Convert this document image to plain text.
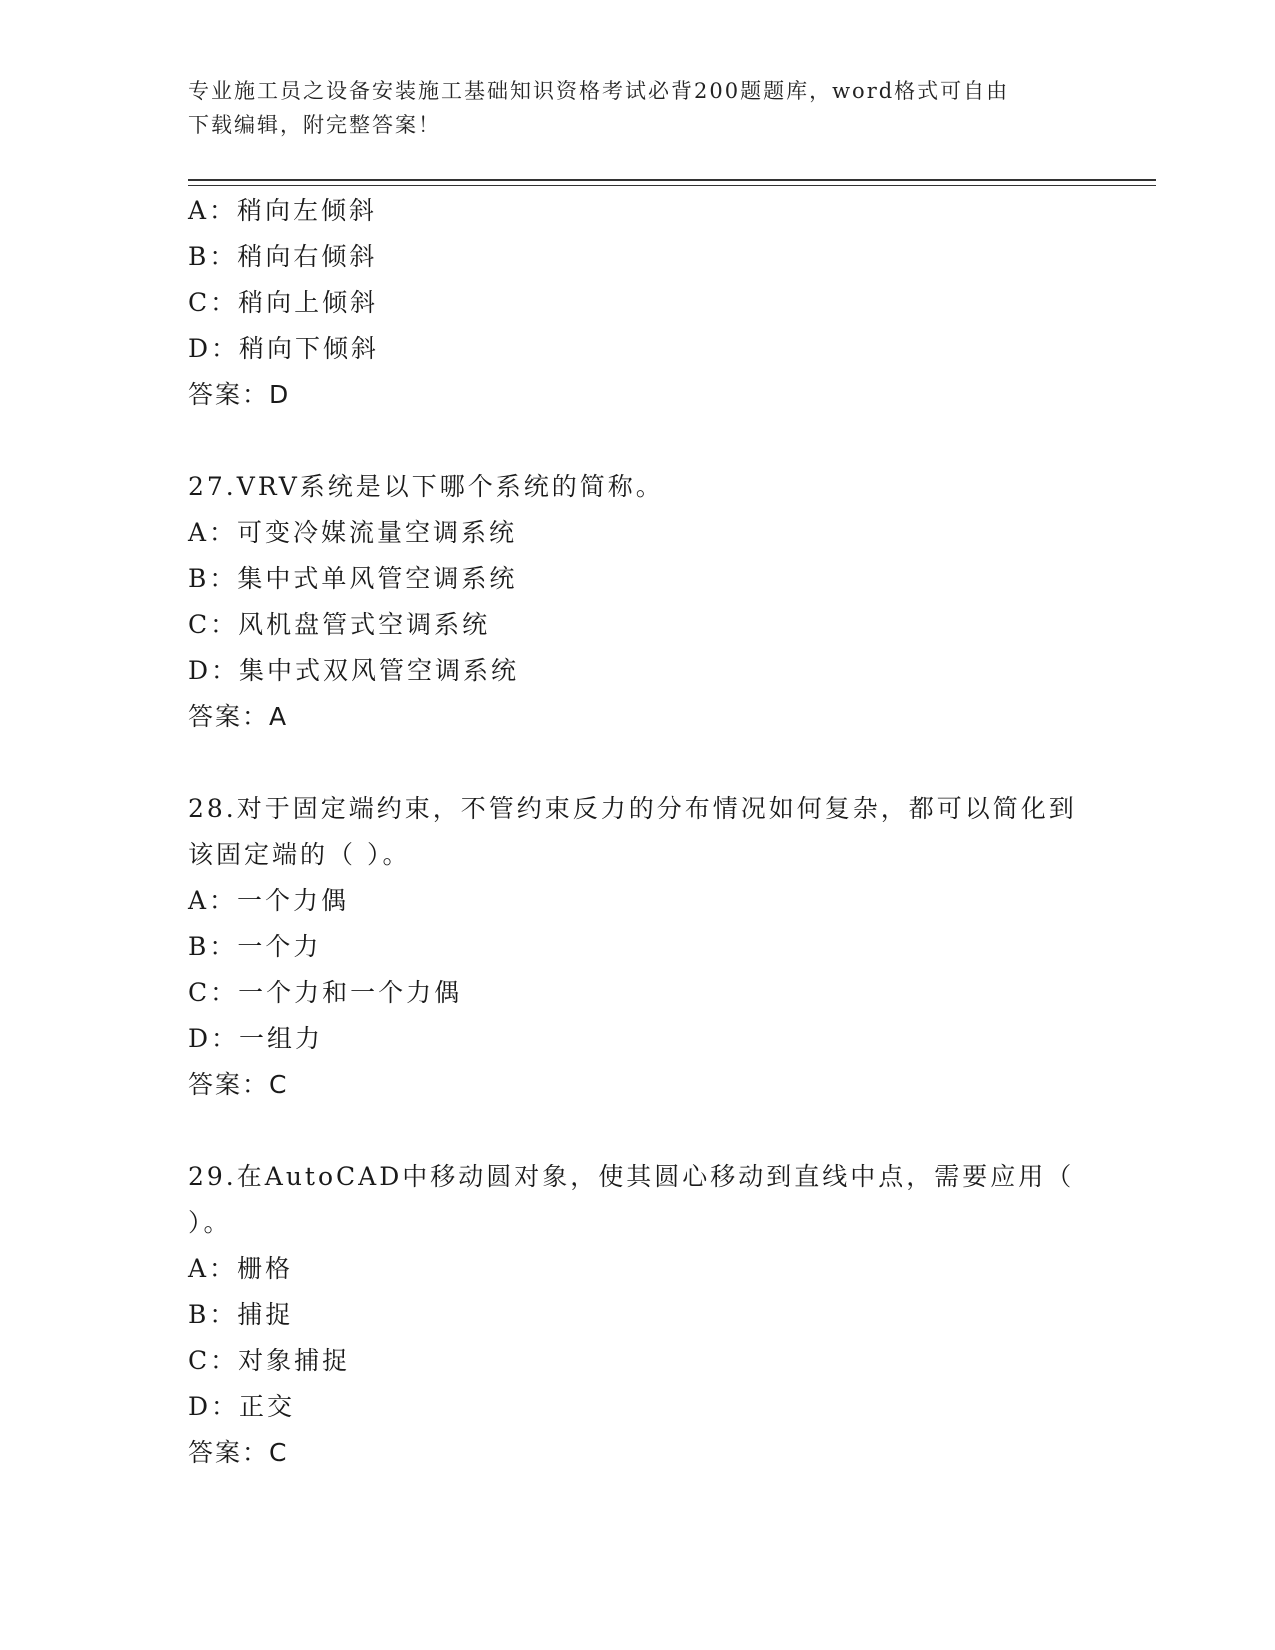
专业施工员之设备安装施工基础知识资格考试必背200题题库，word格式可自由
下载编辑，附完整答案！
A：稍向左倾斜
B：稍向右倾斜
C：稍向上倾斜
D：稍向下倾斜
答案：D
27.VRV系统是以下哪个系统的简称。
A：可变冷媒流量空调系统
B：集中式单风管空调系统
C：风机盘管式空调系统
D：集中式双风管空调系统
答案：A
28.对于固定端约束，不管约束反力的分布情况如何复杂，都可以简化到该固定端的（ ）。
A：一个力偶
B：一个力
C：一个力和一个力偶
D：一组力
答案：C
29.在AutoCAD中移动圆对象，使其圆心移动到直线中点，需要应用（ ）。
A：栅格
B：捕捉
C：对象捕捉
D：正交
答案：C
